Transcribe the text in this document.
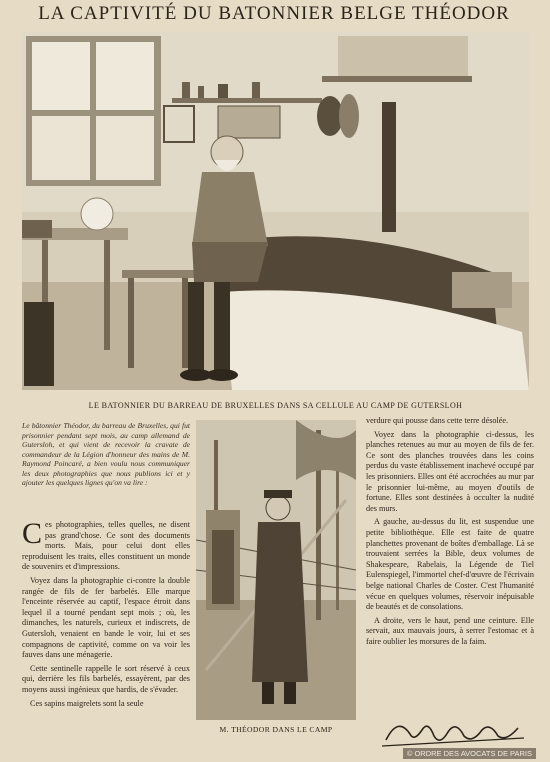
LA CAPTIVITÉ DU BATONNIER BELGE THÉODOR
LE BATONNIER DU BARREAU DE BRUXELLES DANS SA CELLULE AU CAMP DE GUTERSLOH
Le bâtonnier Théodor, du barreau de Bruxelles, qui fut prisonnier pendant sept mois, au camp allemand de Gutersloh, et qui vient de recevoir la cravate de commandeur de la Légion d'honneur des mains de M. Raymond Poincaré, a bien voulu nous communiquer les deux photographies que nous publions ici et y ajouter les quelques lignes qu'on va lire :

Ces photographies, telles quelles, ne disent pas grand'chose. Ce sont des documents morts. Mais, pour celui dont elles reproduisent les traits, elles constituent un monde de souvenirs et d'impressions.

Voyez dans la photographie ci-contre la double rangée de fils de fer barbelés. Elle marque l'enceinte réservée au captif, l'espace étroit dans lequel il a tourné pendant sept mois ; où, les dimanches, les naturels, curieux et indiscrets, de Gutersloh, venaient en bande le voir, lui et ses compagnons de captivité, comme on va voir les fauves dans une ménagerie.

Cette sentinelle rappelle le sort réservé à ceux qui, derrière les fils barbelés, essayèrent, par des moyens aussi ingénieux que hardis, de s'évader.

Ces sapins maigrelets sont la seule

M. THÉODOR DANS LE CAMP

verdure qui pousse dans cette terre désolée.

Voyez dans la photographie ci-dessus, les planches retenues au mur au moyen de fils de fer. Ce sont des planches trouvées dans les coins perdus du vaste établissement inachevé occupé par les prisonniers. Elles ont été accrochées au mur par le prisonnier lui-même, au moyen d'outils de fortune. Elles sont destinées à occulter la nudité des murs.

A gauche, au-dessus du lit, est suspendue une petite bibliothèque. Elle est faite de quatre planchettes provenant de boîtes d'emballage. Là se trouvaient serrées la Bible, deux volumes de Shakespeare, Rabelais, la Légende de Tiel Eulenspiegel, l'immortel chef-d'œuvre de l'écrivain belge national Charles de Coster. C'est l'humanité vécue en quelques volumes, réservoir inépuisable de beautés et de consolations.

A droite, vers le haut, pend une ceinture. Elle servait, aux mauvais jours, à serrer l'estomac et à faire oublier les morsures de la faim.

© ORDRE DES AVOCATS DE PARIS
